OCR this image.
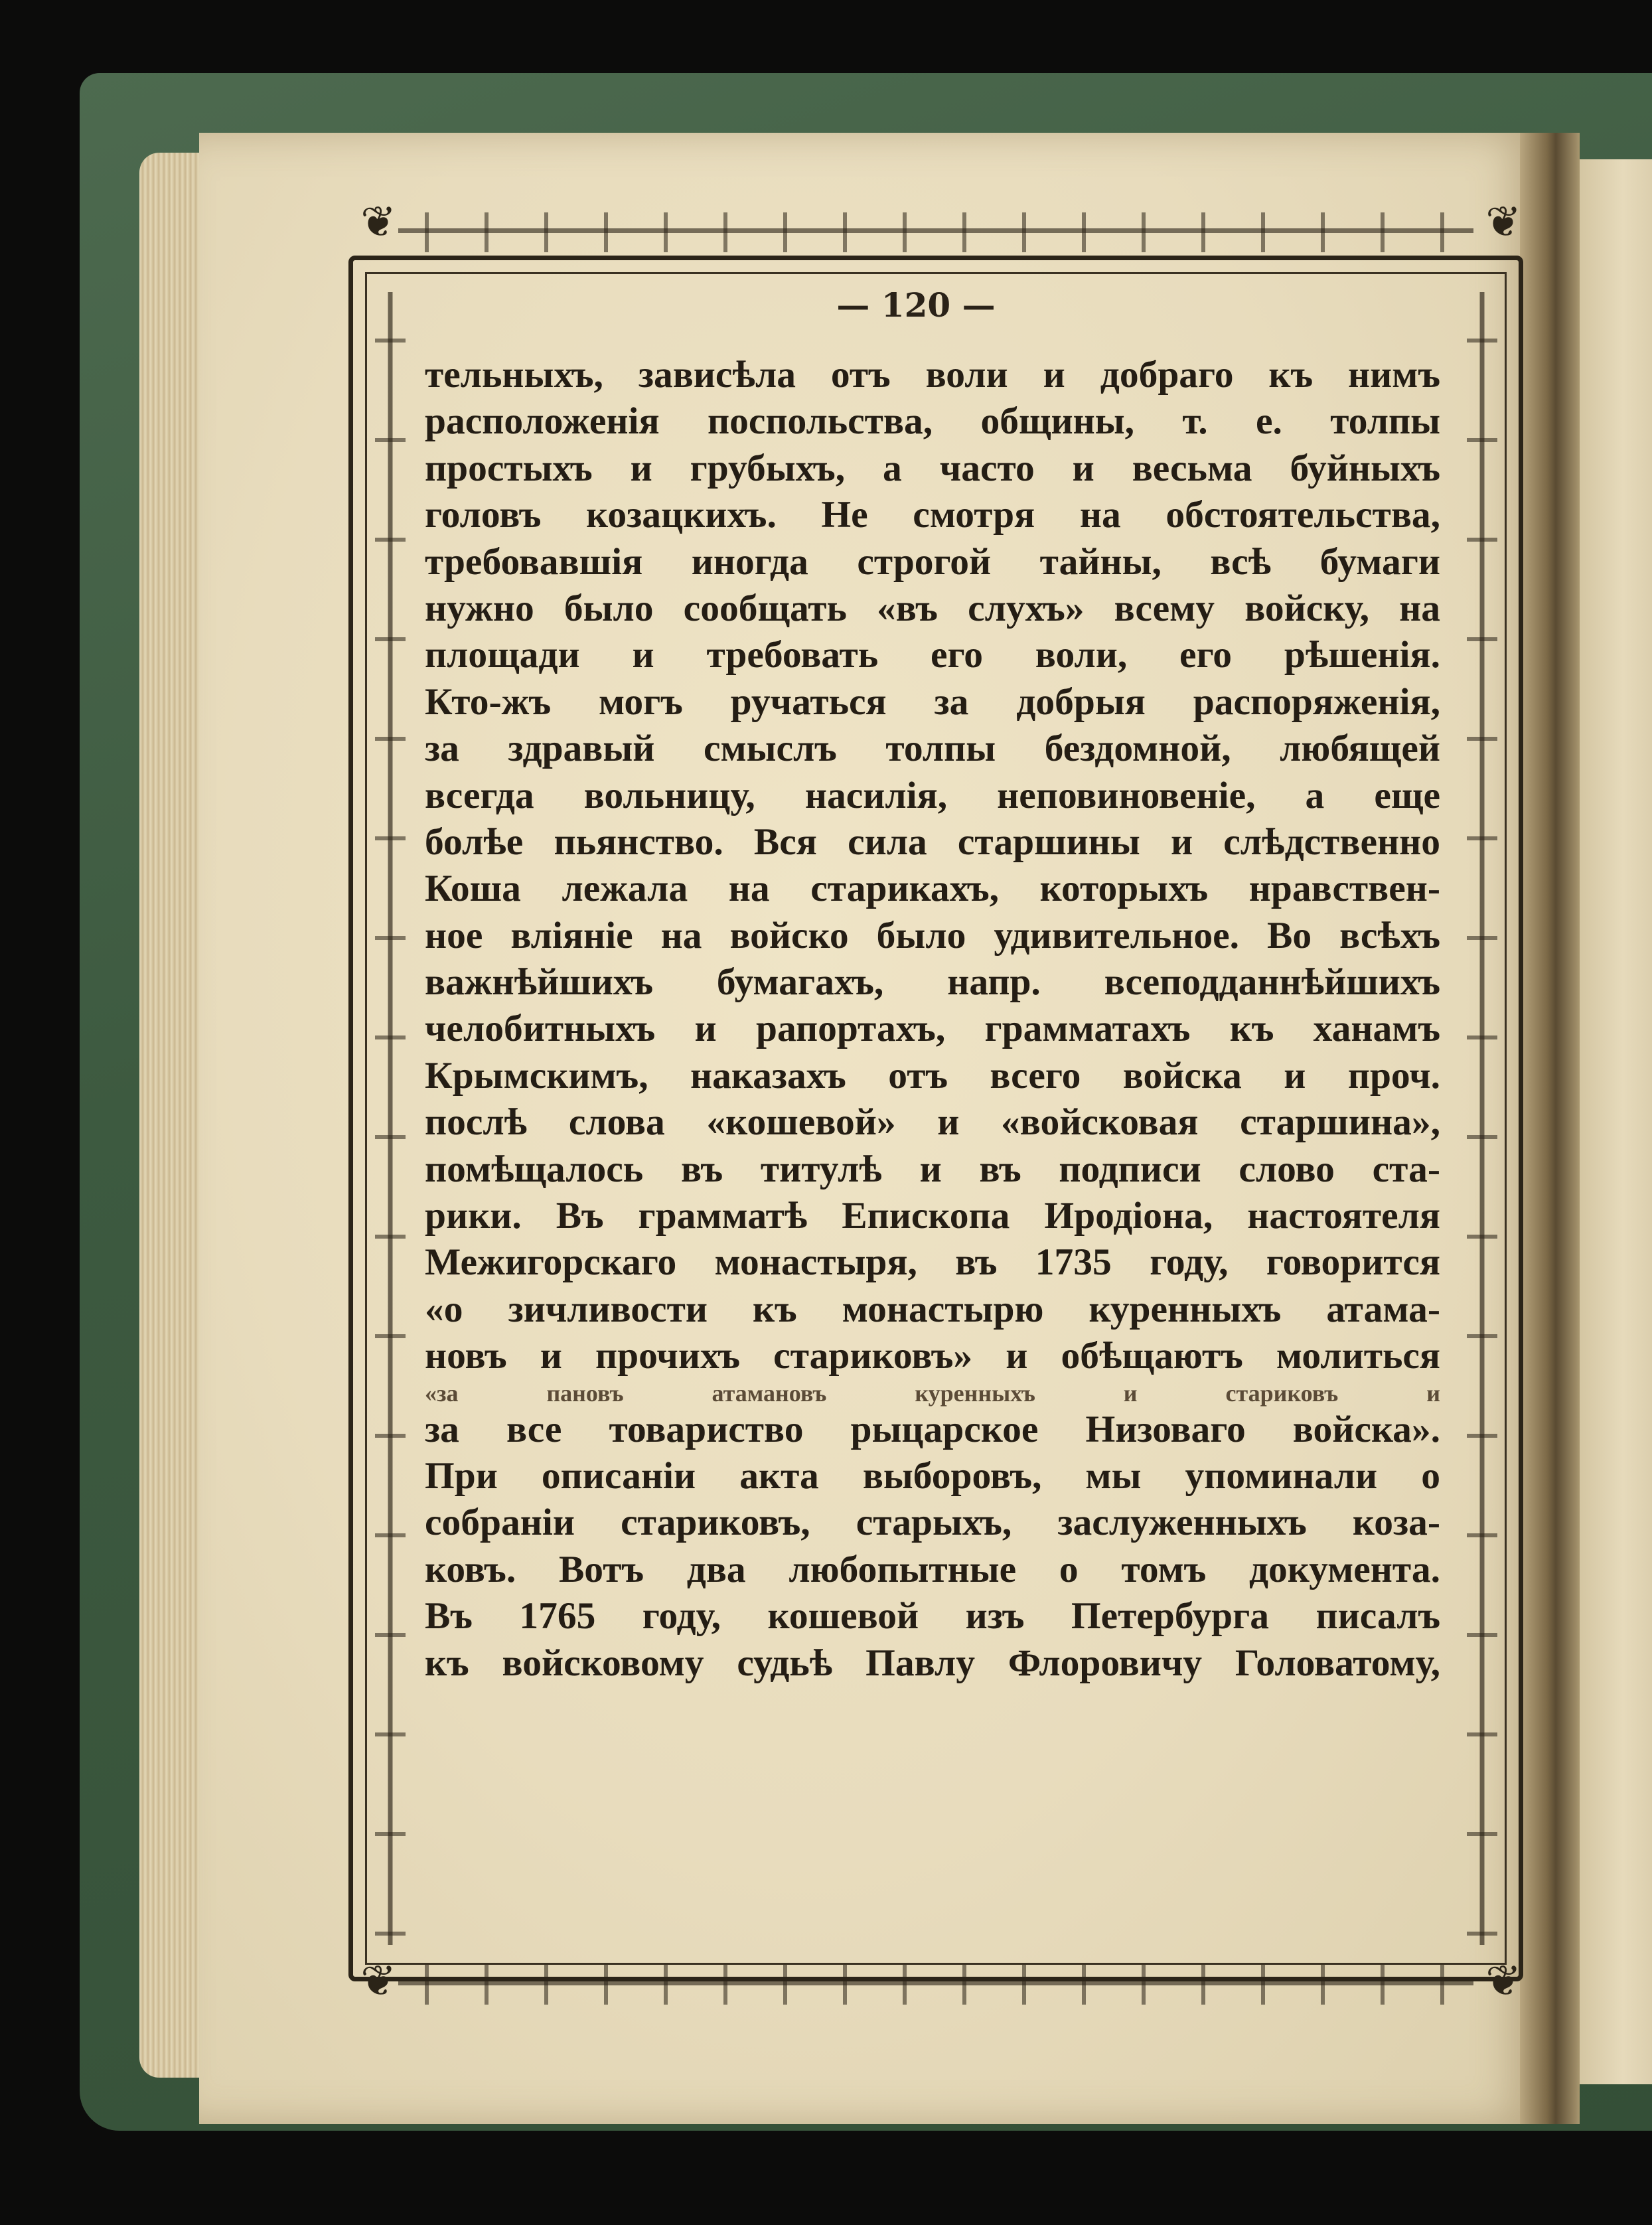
❦	❦
❦	❦
— 120 —
тельныхъ, зависѣла отъ воли и добраго къ нимъ
расположенія поспольства, общины, т. е. толпы
простыхъ и грубыхъ, а часто и весьма буйныхъ
головъ козацкихъ. Не смотря на обстоятельства,
требовавшія иногда строгой тайны, всѣ бумаги
нужно было сообщать «въ слухъ» всему войску, на
площади и требовать его воли, его рѣшенія.
Кто-жъ могъ ручаться за добрыя распоряженія,
за здравый смыслъ толпы бездомной, любящей
всегда вольницу, насилія, неповиновеніе, а еще
болѣе пьянство. Вся сила старшины и слѣдственно
Коша лежала на старикахъ, которыхъ нравствен-
ное вліяніе на войско было удивительное. Во всѣхъ
важнѣйшихъ бумагахъ, напр. всеподданнѣйшихъ
челобитныхъ и рапортахъ, грамматахъ къ ханамъ
Крымскимъ, наказахъ отъ всего войска и проч.
послѣ слова «кошевой» и «войсковая старшина»,
помѣщалось въ титулѣ и въ подписи слово ста-
рики. Въ грамматѣ Епископа Иродіона, настоятеля
Межигорскаго монастыря, въ 1735 году, говорится
«о зичливости къ монастырю куренныхъ атама-
новъ и прочихъ стариковъ» и обѣщаютъ молиться
«за пановъ атамановъ куренныхъ и стариковъ и
за все товариство рыцарское Низоваго войска».
При описаніи акта выборовъ, мы упоминали о
собраніи стариковъ, старыхъ, заслуженныхъ коза-
ковъ. Вотъ два любопытные о томъ документа.
Въ 1765 году, кошевой изъ Петербурга писалъ
къ войсковому судьѣ Павлу Флоровичу Головатому,
